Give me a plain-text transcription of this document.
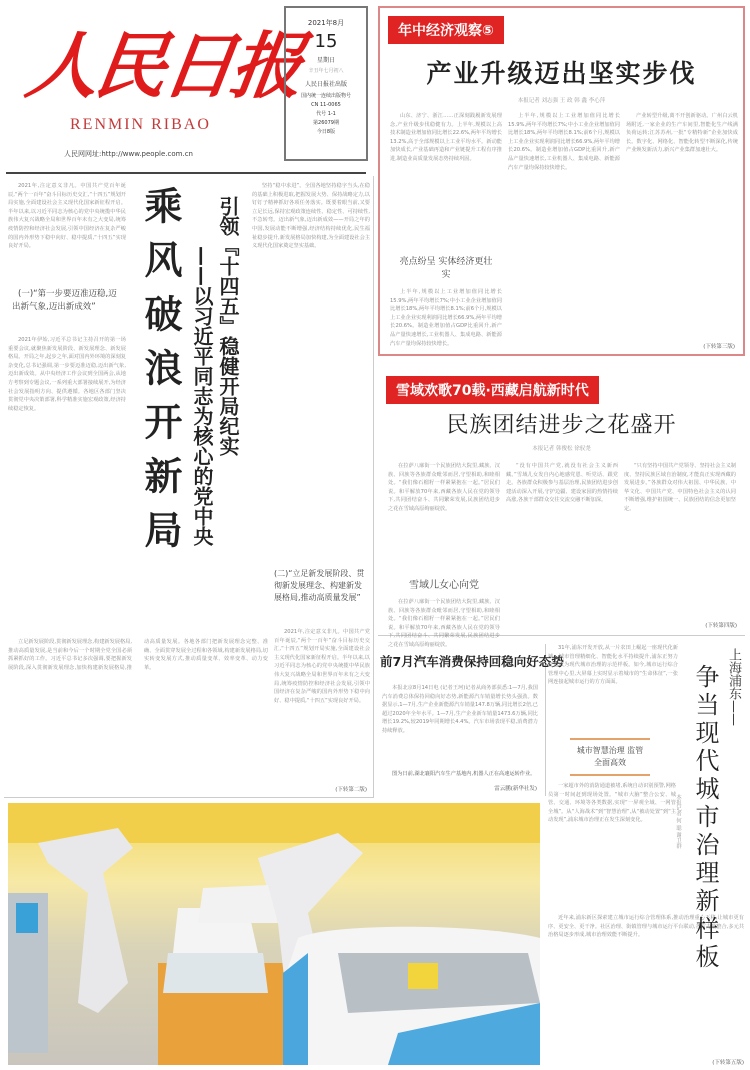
人民日报
RENMIN RIBAO
人民网网址:http://www.people.com.cn
2021年8月
15
星期日
辛丑年七月初八
人民日报社出版
国内统一连续出版物号
CN 11-0065
代号 1-1
第26079期
今日8版
2021年,注定意义非凡。中国共产党百年诞辰,“两个一百年”奋斗目标历史交汇,“十四五”规划开局实施,全面建设社会主义现代化国家新征程开启。半年以来,以习近平同志为核心的党中央统揽中华民族伟大复兴战略全局和世界百年未有之大变局,统筹疫情防控和经济社会发展,引领中国经济在复杂严峻的国内外形势下稳中向好、稳中提质,“十四五”实现良好开局。
(一)“第一步要迈准迈稳,迈出新气象,迈出新成效”
2021年伊始,习近平总书记主持召开的第一场重要会议,就聚焦新发展阶段、新发展理念、新发展格局。开局之年,起步之年,面对国内外环境的深刻复杂变化,总书记强调,第一步要迈准迈稳,迈出新气象,迈出新成效。从中央经济工作会议到全国两会,从地方考察到专题会议,一系列重大部署接续展开,为经济社会发展指明方向、提供遵循。各地区各部门坚决贯彻党中央决策部署,科学精准实施宏观政策,经济持续稳定恢复。
立足新发展阶段,贯彻新发展理念,构建新发展格局,推动高质量发展,是当前和今后一个时期全党全国必须抓紧抓好的工作。习近平总书记多次强调,要把握新发展阶段,深入贯彻新发展理念,加快构建新发展格局,推动高质量发展。各地各部门把新发展理念完整、准确、全面贯穿发展全过程和各领域,构建新发展格局,切实转变发展方式,推动质量变革、效率变革、动力变革。
乘风破浪开新局 引领『十四五』稳健开局纪实
——以习近平同志为核心的党中央
坚持“稳中求进”。全国各地坚持稳字当头,在稳的基础上积极进取,把握发展大势、保持战略定力,以钉钉子精神抓好各项任务落实。既要着眼当前,又要立足长远,保持宏观政策连续性、稳定性、可持续性,不急转弯。迈出新气象,迈出新成效——开局之年的中国,发展动能不断增强,经济结构持续优化,民生福祉稳步提升,新发展格局加快构建,为全面建设社会主义现代化国家奠定坚实基础。
(二)“立足新发展阶段、贯彻新发展理念、构建新发展格局,推动高质量发展”
2021年,注定意义非凡。中国共产党百年诞辰,“两个一百年”奋斗目标历史交汇,“十四五”规划开局实施,全面建设社会主义现代化国家新征程开启。半年以来,以习近平同志为核心的党中央统揽中华民族伟大复兴战略全局和世界百年未有之大变局,统筹疫情防控和经济社会发展,引领中国经济在复杂严峻的国内外形势下稳中向好、稳中提质,“十四五”实现良好开局。
(下转第二版)
年中经济观察⑤
产业升级迈出坚实步伐
本报记者 刘志强 王 政 韩 鑫 李心萍
山东、济宁、浙江……正深刻践履新发展理念,产业升级步伐稳健有力。上半年,规模以上高技术制造业增加值同比增长22.6%,两年平均增长13.2%,高于全部规模以上工业平均水平。新动能加快成长,产业基础再造和产业链提升工程有序推进,制造业高质量发展态势持续巩固。
亮点纷呈 实体经济更壮实
上半年,规模以上工业增加值同比增长15.9%,两年平均增长7%;中小工业企业增加值同比增长18%,两年平均增长8.1%;前6个月,规模以上工业企业实现利润同比增长66.9%,两年平均增长20.6%。制造业增加值占GDP比重回升,新产品产量快速增长,工业机器人、集成电路、新能源汽车产量均保持较快增长。
上半年,规模以上工业增加值同比增长15.9%,两年平均增长7%;中小工业企业增加值同比增长18%,两年平均增长8.1%;前6个月,规模以上工业企业实现利润同比增长66.9%,两年平均增长20.6%。制造业增加值占GDP比重回升,新产品产量快速增长,工业机器人、集成电路、新能源汽车产量均保持较快增长。
产业转型升级,离不开创新驱动。广州白云机场附近,一家企业的生产车间里,智能化生产线满负荷运转;江苏苏州,一批“专精特新”企业加快成长。数字化、网络化、智能化转型不断深化,传统产业焕发新活力,新兴产业集群加速壮大。
(下转第三版)
雪域欢歌70载·西藏启航新时代
民族团结进步之花盛开
本报记者 韩俊松 徐驭尧
在拉萨八廓街一个民族团结大院里,藏族、汉族、回族等各族群众毗邻而居,守望相助,和睦相处。“我们像石榴籽一样紧紧抱在一起。”居民们说。和平解放70年来,西藏各族人民在党的领导下,共同团结奋斗、共同繁荣发展,民族团结进步之花在雪域高原绚丽绽放。
雪域儿女心向党
在拉萨八廓街一个民族团结大院里,藏族、汉族、回族等各族群众毗邻而居,守望相助,和睦相处。“我们像石榴籽一样紧紧抱在一起。”居民们说。和平解放70年来,西藏各族人民在党的领导下,共同团结奋斗、共同繁荣发展,民族团结进步之花在雪域高原绚丽绽放。
“没有中国共产党,就没有社会主义新西藏。”雪域儿女发自内心地感党恩、听党话、跟党走。各族群众积极参与基层治理,民族团结进步创建活动深入开展,守护边疆、建设家园的热情持续高涨,各族干部群众交往交流交融不断加深。
“只有坚持中国共产党领导、坚持社会主义制度、坚持民族区域自治制度,才能真正实现西藏的发展进步。”各族群众对伟大祖国、中华民族、中华文化、中国共产党、中国特色社会主义的认同不断增强,维护祖国统一、民族团结的信念更加坚定。
(下转第四版)
前7月汽车消费保持回稳向好态势
本报北京8月14日电 (记者王珂)记者从商务部获悉:1—7月,我国汽车消费总体保持回稳向好态势,新能源汽车销量增长势头强劲。数据显示,1—7月,生产企业新能源汽车销量147.8万辆,同比增长2倍,已超过2020年全年水平。1—7月,生产企业新车销量1473.6万辆,同比增长19.2%,较2019年同期增长4.4%。汽车市场表现平稳,消费潜力持续释放。
图为日前,湖北襄阳汽车生产基地内,机器人正在高速运转作业。
雷云鹏(新华社发)
31年,浦东开发开放,从一片农田上崛起一座现代化新城。城市管理精细化、智能化水平持续提升,浦东正努力打造成为现代城市治理的示范样板。如今,城市运行综合管理中心里,大屏幕上实时显示着城市的“生命体征”,一张网连接起城市运行的方方面面。
城市智慧治理 监管全面高效
一家超市外的消防通道被堵,系统自动识别预警,网格员第一时间赶到现场处置。“城市大脑”整合公安、城管、交通、环境等各类数据,实现“一屏观全域、一网管全城”。从“人海战术”到“智慧治理”,从“被动处置”到“主动发现”,浦东城市治理正在发生深刻变化。
近年来,浦东新区探索建立城市运行综合管理体系,推动治理重心下移,让城市更有序、更安全、更干净。社区治理、街镇管理与城市运行平台联动,各方力量整合,多元共治格局逐步形成,城市治理效能不断提升。
上海浦东——
争当现代城市治理新样板
本报记者 何 聪 谢卫群
(下转第五版)
